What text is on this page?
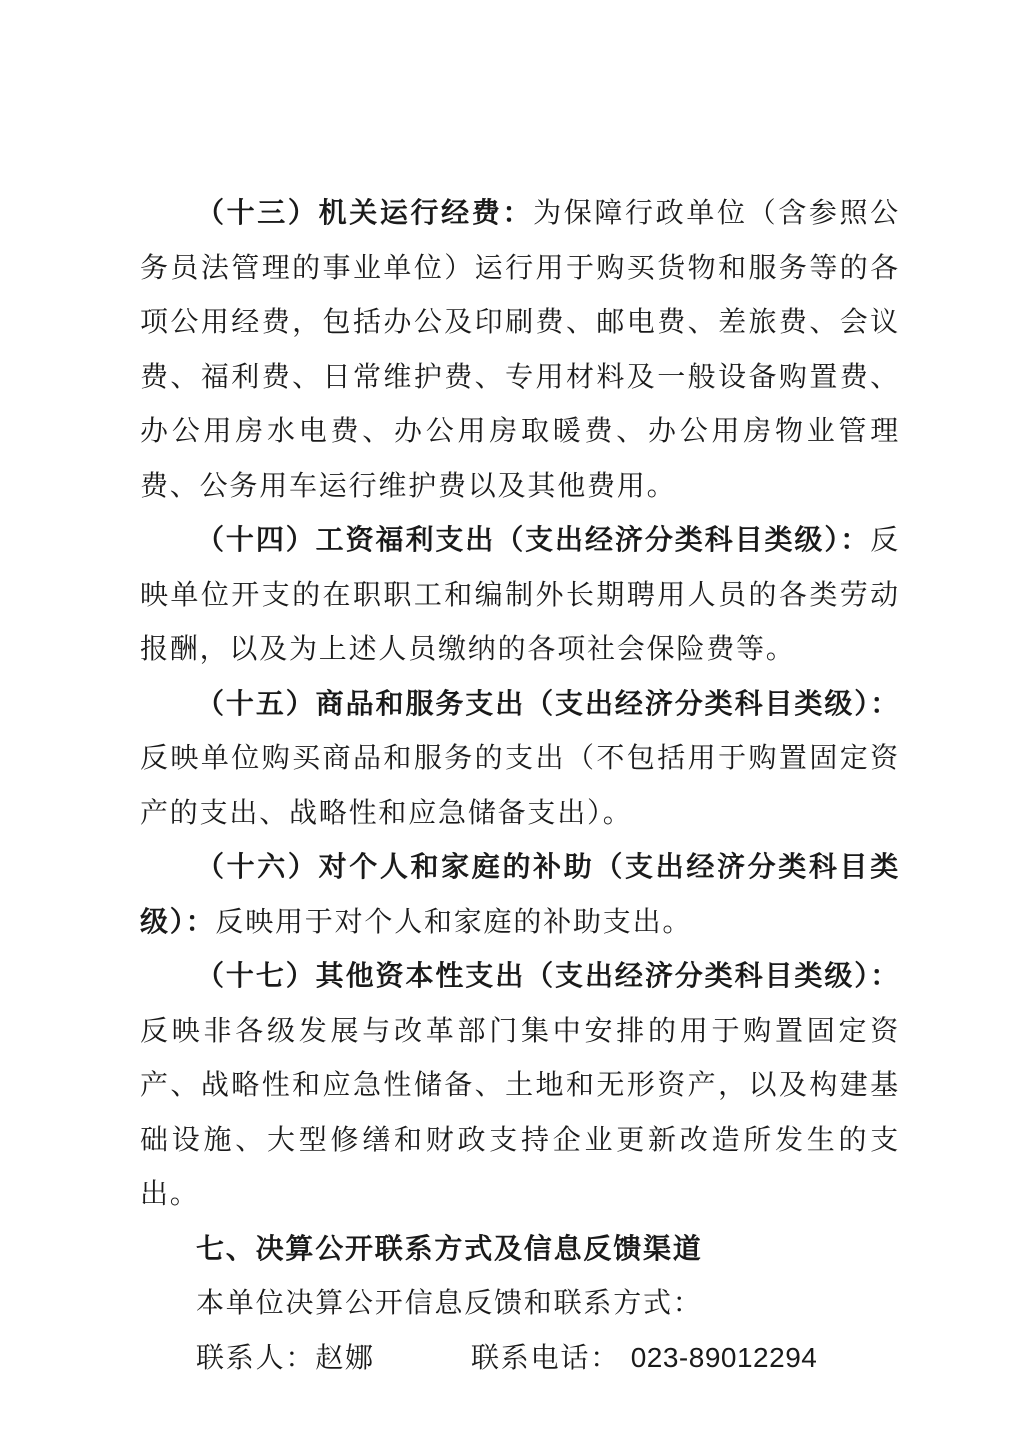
（十三）机关运行经费：为保障行政单位（含参照公务员法管理的事业单位）运行用于购买货物和服务等的各项公用经费，包括办公及印刷费、邮电费、差旅费、会议费、福利费、日常维护费、专用材料及一般设备购置费、办公用房水电费、办公用房取暖费、办公用房物业管理费、公务用车运行维护费以及其他费用。

（十四）工资福利支出（支出经济分类科目类级）：反映单位开支的在职职工和编制外长期聘用人员的各类劳动报酬，以及为上述人员缴纳的各项社会保险费等。

（十五）商品和服务支出（支出经济分类科目类级）：反映单位购买商品和服务的支出（不包括用于购置固定资产的支出、战略性和应急储备支出）。

（十六）对个人和家庭的补助（支出经济分类科目类级）：反映用于对个人和家庭的补助支出。

（十七）其他资本性支出（支出经济分类科目类级）：反映非各级发展与改革部门集中安排的用于购置固定资产、战略性和应急性储备、土地和无形资产，以及构建基础设施、大型修缮和财政支持企业更新改造所发生的支出。

七、决算公开联系方式及信息反馈渠道

本单位决算公开信息反馈和联系方式：

联系人：赵娜	联系电话： 023-89012294
